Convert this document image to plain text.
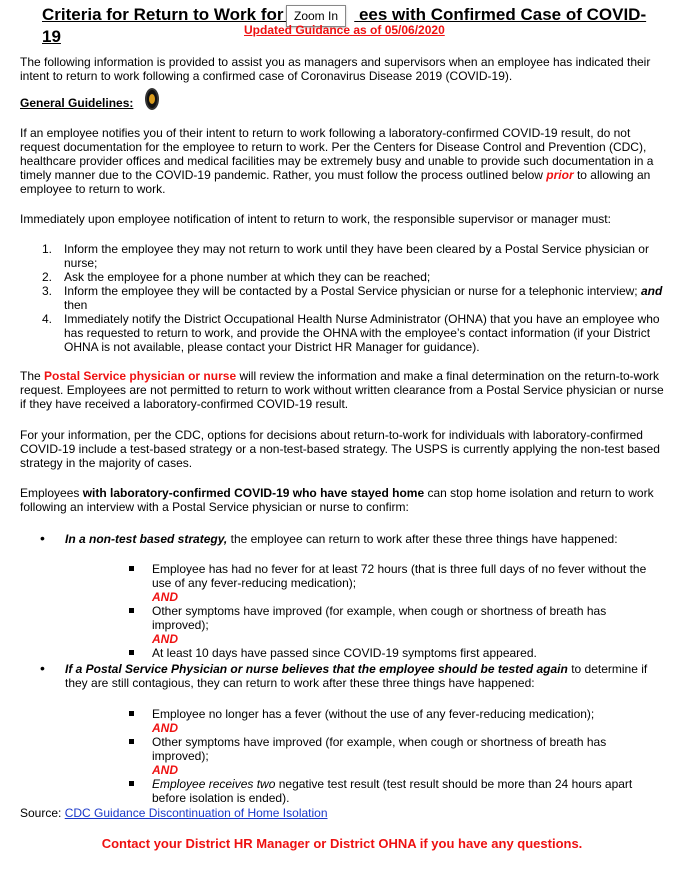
Criteria for Return to Work for	ees with Confirmed Case of COVID-19
Zoom In
Updated Guidance as of 05/06/2020

The following information is provided to assist you as managers and supervisors when an employee has indicated their intent to return to work following a confirmed case of Coronavirus Disease 2019 (COVID-19).

General Guidelines:

If an employee notifies you of their intent to return to work following a laboratory-confirmed COVID-19 result, do not request documentation for the employee to return to work. Per the Centers for Disease Control and Prevention (CDC), healthcare provider offices and medical facilities may be extremely busy and unable to provide such documentation in a timely manner due to the COVID-19 pandemic. Rather, you must follow the process outlined below prior to allowing an employee to return to work.

Immediately upon employee notification of intent to return to work, the responsible supervisor or manager must:

1. Inform the employee they may not return to work until they have been cleared by a Postal Service physician or nurse;
2. Ask the employee for a phone number at which they can be reached;
3. Inform the employee they will be contacted by a Postal Service physician or nurse for a telephonic interview; and then
4. Immediately notify the District Occupational Health Nurse Administrator (OHNA) that you have an employee who has requested to return to work, and provide the OHNA with the employee’s contact information (if your District OHNA is not available, please contact your District HR Manager for guidance).

The Postal Service physician or nurse will review the information and make a final determination on the return-to-work request. Employees are not permitted to return to work without written clearance from a Postal Service physician or nurse if they have received a laboratory-confirmed COVID-19 result.

For your information, per the CDC, options for decisions about return-to-work for individuals with laboratory-confirmed COVID-19 include a test-based strategy or a non-test-based strategy. The USPS is currently applying the non-test based strategy in the majority of cases.

Employees with laboratory-confirmed COVID-19 who have stayed home can stop home isolation and return to work following an interview with a Postal Service physician or nurse to confirm:

•	In a non-test based strategy, the employee can return to work after these three things have happened:
Employee has had no fever for at least 72 hours (that is three full days of no fever without the use of any fever-reducing medication);
AND
Other symptoms have improved (for example, when cough or shortness of breath has improved);
AND
At least 10 days have passed since COVID-19 symptoms first appeared.
•	If a Postal Service Physician or nurse believes that the employee should be tested again to determine if they are still contagious, they can return to work after these three things have happened:
Employee no longer has a fever (without the use of any fever-reducing medication);
AND
Other symptoms have improved (for example, when cough or shortness of breath has improved);
AND
Employee receives two negative test result (test result should be more than 24 hours apart before isolation is ended).

Source: CDC Guidance Discontinuation of Home Isolation

Contact your District HR Manager or District OHNA if you have any questions.
